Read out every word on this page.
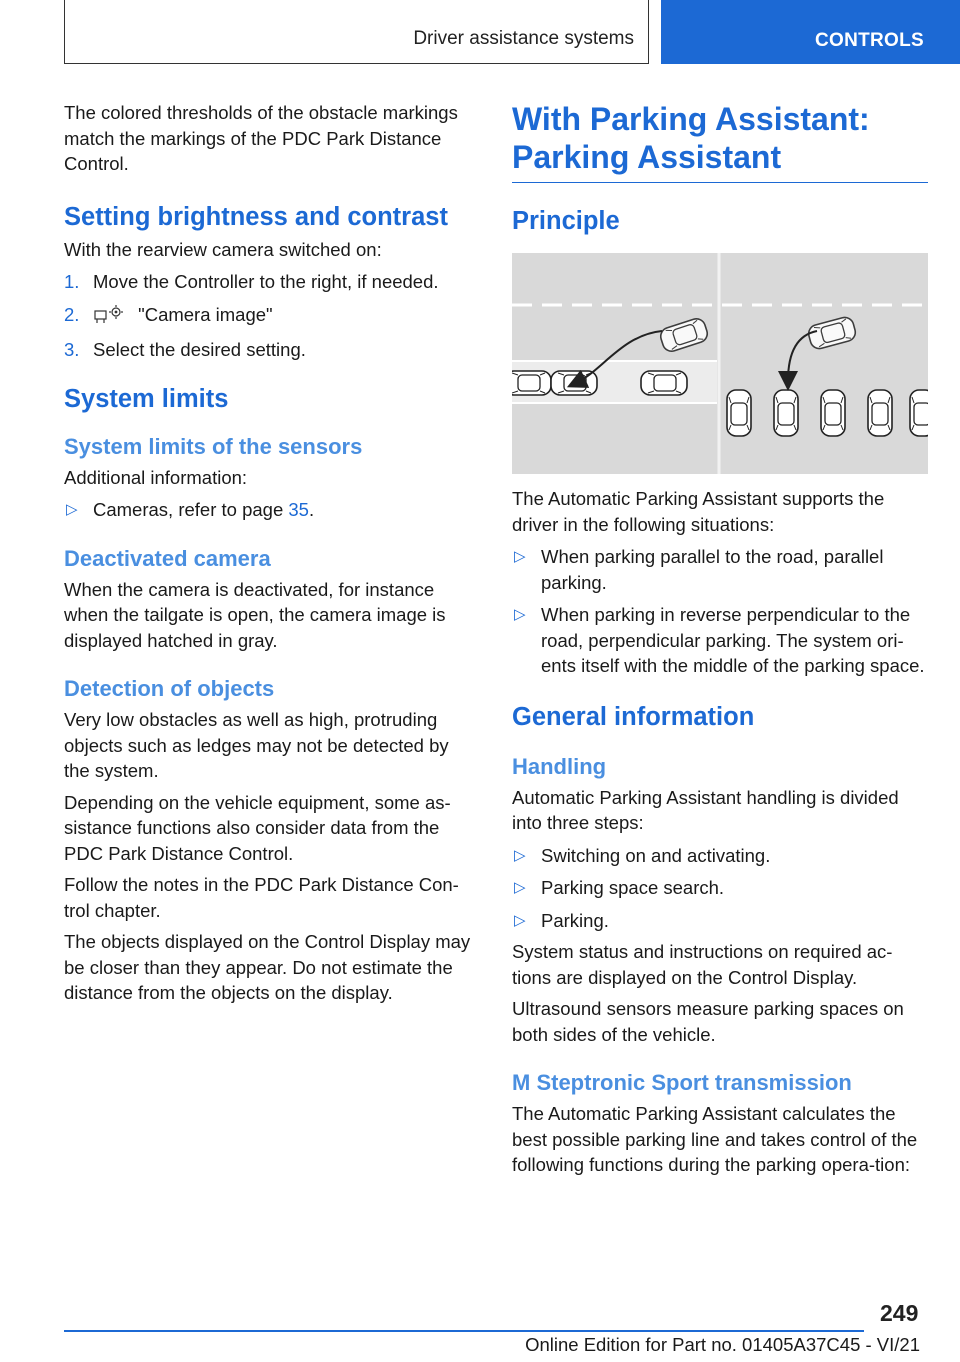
Driver assistance systems	CONTROLS

The colored thresholds of the obstacle markings match the markings of the PDC Park Distance Control.

Setting brightness and contrast

With the rearview camera switched on:

1. Move the Controller to the right, if needed.
2.	"Camera image"
3. Select the desired setting.
System limits
System limits of the sensors

Additional information:

▷ Cameras, refer to page 35.
Deactivated camera

When the camera is deactivated, for instance when the tailgate is open, the camera image is displayed hatched in gray.

Detection of objects

Very low obstacles as well as high, protruding objects such as ledges may not be detected by the system.

Depending on the vehicle equipment, some as-sistance functions also consider data from the PDC Park Distance Control.

Follow the notes in the PDC Park Distance Con-trol chapter.

The objects displayed on the Control Display may be closer than they appear. Do not estimate the distance from the objects on the display.

With Parking Assistant: Parking Assistant
Principle

The Automatic Parking Assistant supports the driver in the following situations:

▷ When parking parallel to the road, parallel parking.
▷ When parking in reverse perpendicular to the road, perpendicular parking. The system ori-ents itself with the middle of the parking space.
General information
Handling

Automatic Parking Assistant handling is divided into three steps:

▷ Switching on and activating.
▷ Parking space search.
▷ Parking.

System status and instructions on required ac-tions are displayed on the Control Display.

Ultrasound sensors measure parking spaces on both sides of the vehicle.

M Steptronic Sport transmission

The Automatic Parking Assistant calculates the best possible parking line and takes control of the following functions during the parking opera-tion:

249
Online Edition for Part no. 01405A37C45 - VI/21
